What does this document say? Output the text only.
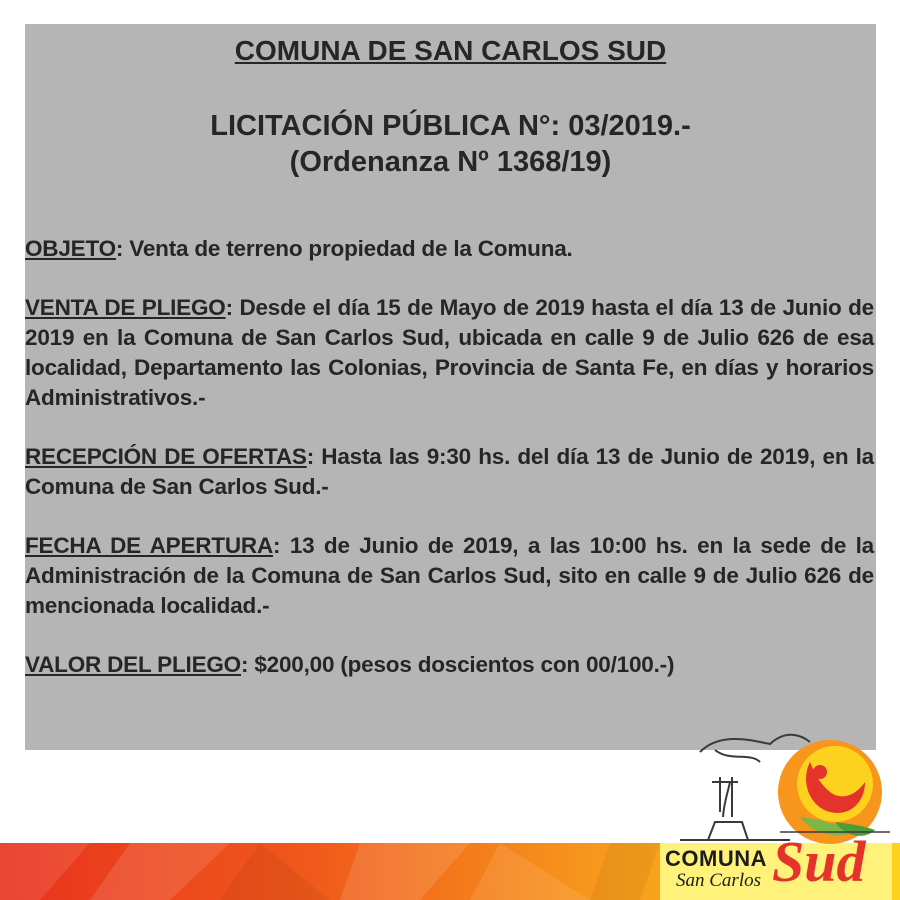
COMUNA DE SAN CARLOS SUD
LICITACIÓN PÚBLICA N°: 03/2019.-
(Ordenanza Nº 1368/19)

OBJETO: Venta de terreno propiedad de la Comuna.

VENTA DE PLIEGO: Desde el día 15 de Mayo de 2019 hasta el día 13 de Junio de 2019 en la Comuna de San Carlos Sud, ubicada en calle 9 de Julio 626 de esa localidad, Departamento las Colonias, Provincia de Santa Fe, en días y horarios Administrativos.-

RECEPCIÓN DE OFERTAS: Hasta las 9:30 hs. del día 13 de Junio de 2019, en la Comuna de San Carlos Sud.-

FECHA DE APERTURA: 13 de Junio de 2019, a las 10:00 hs. en la sede de la Administración de la Comuna de San Carlos Sud, sito en calle 9 de Julio 626 de mencionada localidad.-

VALOR DEL PLIEGO: $200,00 (pesos doscientos con 00/100.-)

COMUNA
San Carlos Sud
